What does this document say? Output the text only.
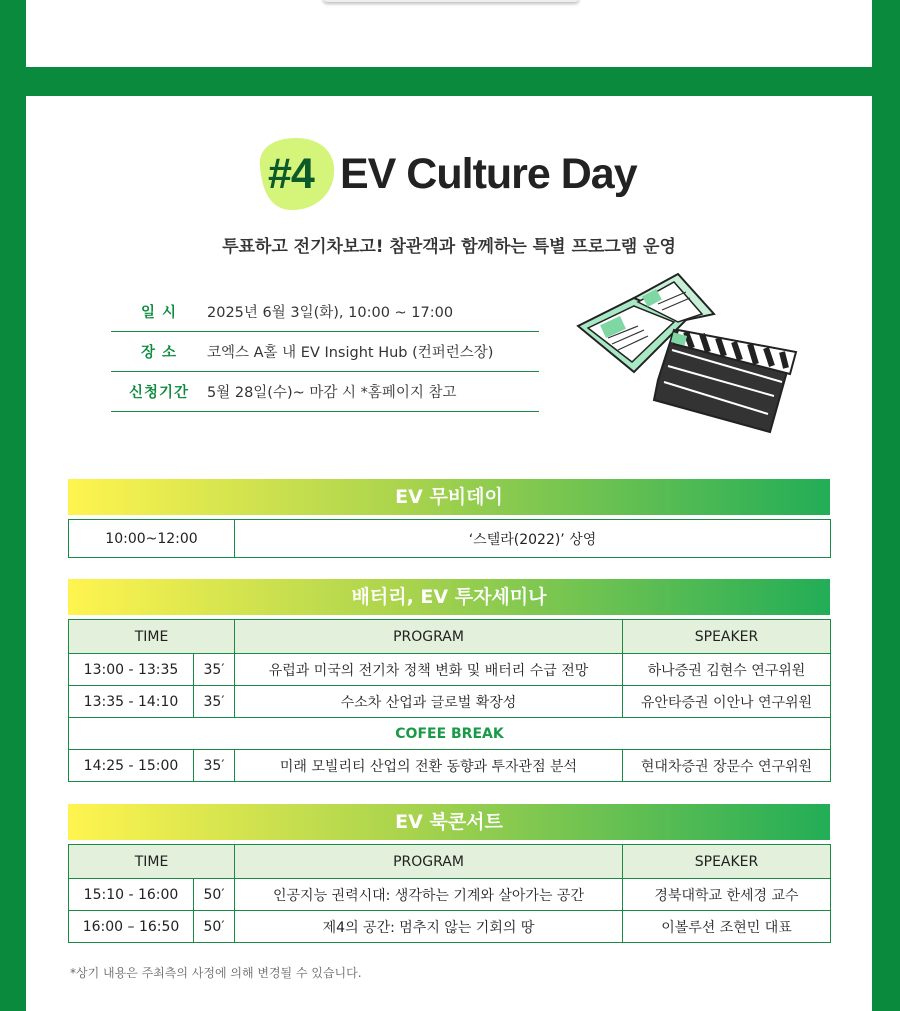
#4 EV Culture Day
투표하고 전기차보고! 참관객과 함께하는 특별 프로그램 운영
일 시	2025년 6월 3일(화), 10:00 ~ 17:00
장 소	코엑스 A홀 내 EV Insight Hub (컨퍼런스장)
신청기간	5월 28일(수)~ 마감 시 *홈페이지 참고
EV 무비데이
10:00~12:00	‘스텔라(2022)’ 상영
배터리, EV 투자세미나
TIME		PROGRAM	SPEAKER
13:00 - 13:35	35′	유럽과 미국의 전기차 정책 변화 및 배터리 수급 전망	하나증권 김현수 연구위원
13:35 - 14:10	35′	수소차 산업과 글로벌 확장성	유안타증권 이안나 연구위원
COFEE BREAK			
14:25 - 15:00	35′	미래 모빌리티 산업의 전환 동향과 투자관점 분석	현대차증권 장문수 연구위원
EV 북콘서트
TIME		PROGRAM	SPEAKER
15:10 - 16:00	50′	인공지능 권력시대: 생각하는 기계와 살아가는 공간	경북대학교 한세경 교수
16:00 – 16:50	50′	제4의 공간: 멈추지 않는 기회의 땅	이볼루션 조현민 대표
*상기 내용은 주최측의 사정에 의해 변경될 수 있습니다.
